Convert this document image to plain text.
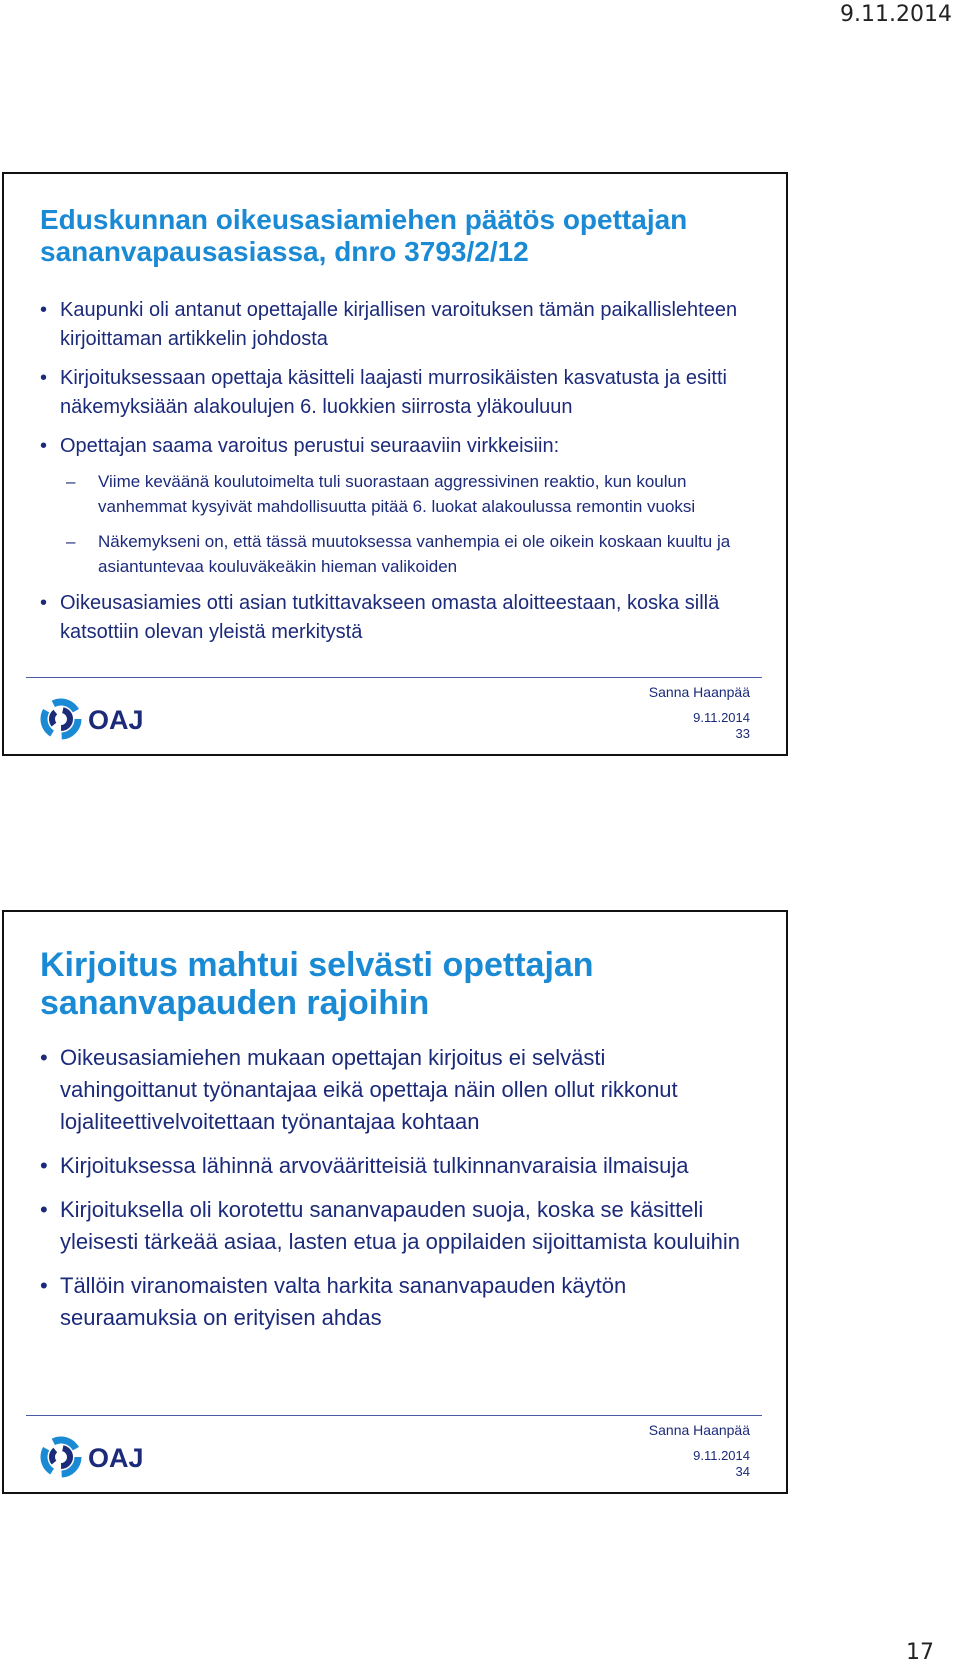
9.11.2014
Eduskunnan oikeusasiamiehen päätös opettajan sananvapausasiassa, dnro 3793/2/12
• Kaupunki oli antanut opettajalle kirjallisen varoituksen tämän paikallislehteen kirjoittaman artikkelin johdosta
• Kirjoituksessaan opettaja käsitteli laajasti murrosikäisten kasvatusta ja esitti näkemyksiään alakoulujen 6. luokkien siirrosta yläkouluun
• Opettajan saama varoitus perustui seuraaviin virkkeisiin:
– Viime keväänä koulutoimelta tuli suorastaan aggressivinen reaktio, kun koulun vanhemmat kysyivät mahdollisuutta pitää 6. luokat alakoulussa remontin vuoksi
– Näkemykseni on, että tässä muutoksessa vanhempia ei ole oikein koskaan kuultu ja asiantuntevaa kouluväkeäkin hieman valikoiden
• Oikeusasiamies otti asian tutkittavakseen omasta aloitteestaan, koska sillä katsottiin olevan yleistä merkitystä
OAJ
Sanna Haanpää
9.11.2014
33
Kirjoitus mahtui selvästi opettajan sananvapauden rajoihin
• Oikeusasiamiehen mukaan opettajan kirjoitus ei selvästi vahingoittanut työnantajaa eikä opettaja näin ollen ollut rikkonut lojaliteettivelvoitettaan työnantajaa kohtaan
• Kirjoituksessa lähinnä arvovääritteisiä tulkinnanvaraisia ilmaisuja
• Kirjoituksella oli korotettu sananvapauden suoja, koska se käsitteli yleisesti tärkeää asiaa, lasten etua ja oppilaiden sijoittamista kouluihin
• Tällöin viranomaisten valta harkita sananvapauden käytön seuraamuksia on erityisen ahdas
OAJ
Sanna Haanpää
9.11.2014
34
17
